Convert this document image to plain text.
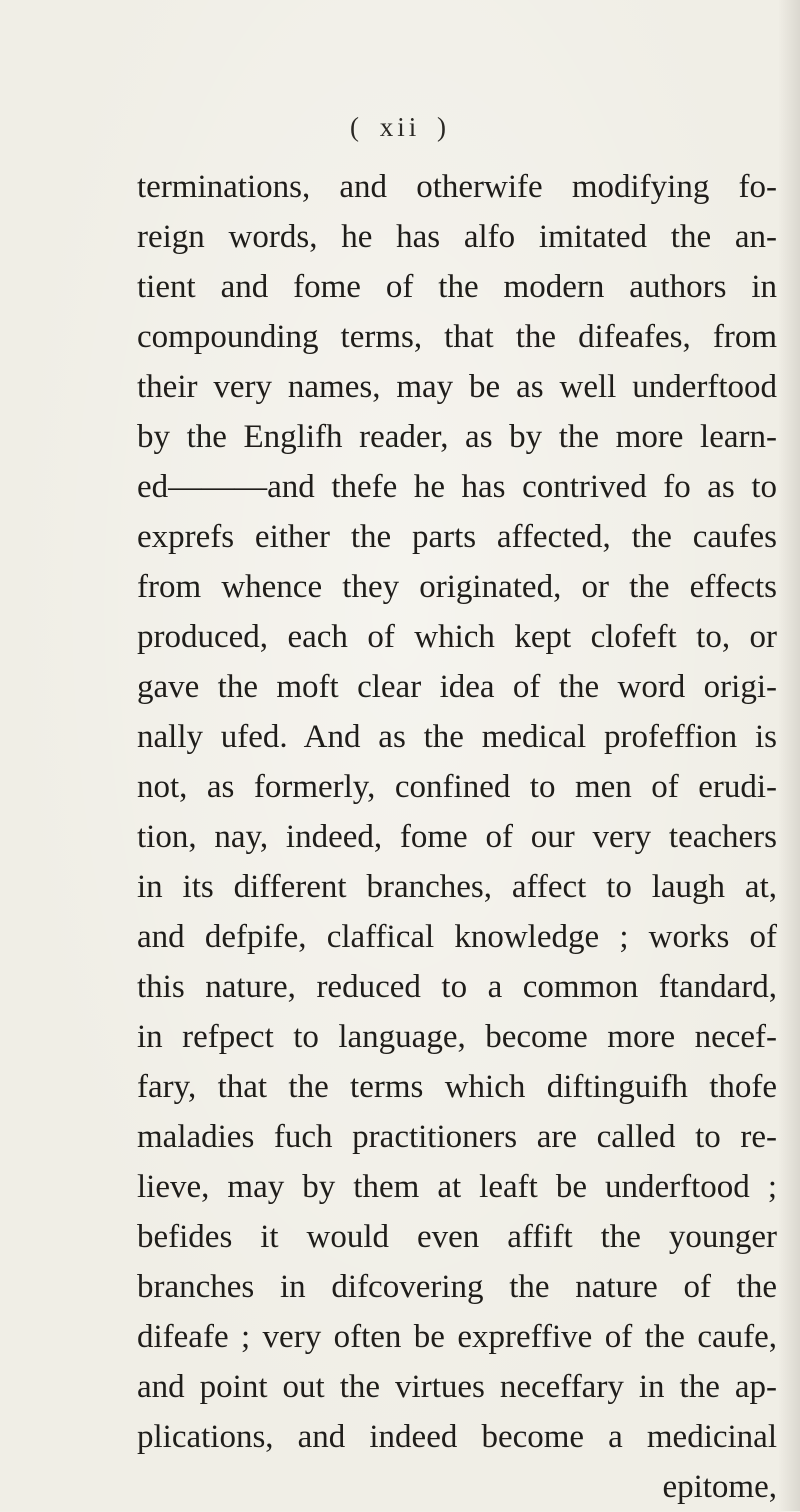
( xii )
terminations, and otherwife modifying fo-
reign words, he has alfo imitated the an-
tient and fome of the modern authors in
compounding terms, that the difeafes, from
their very names, may be as well underftood
by the Englifh reader, as by the more learn-
ed———and thefe he has contrived fo as to
exprefs either the parts affected, the caufes
from whence they originated, or the effects
produced, each of which kept clofeft to, or
gave the moft clear idea of the word origi-
nally ufed. And as the medical profeffion is
not, as formerly, confined to men of erudi-
tion, nay, indeed, fome of our very teachers
in its different branches, affect to laugh at,
and defpife, claffical knowledge ; works of
this nature, reduced to a common ftandard,
in refpect to language, become more necef-
fary, that the terms which diftinguifh thofe
maladies fuch practitioners are called to re-
lieve, may by them at leaft be underftood ;
befides it would even affift the younger
branches in difcovering the nature of the
difeafe ; very often be expreffive of the caufe,
and point out the virtues neceffary in the ap-
plications, and indeed become a medicinal
epitome,
